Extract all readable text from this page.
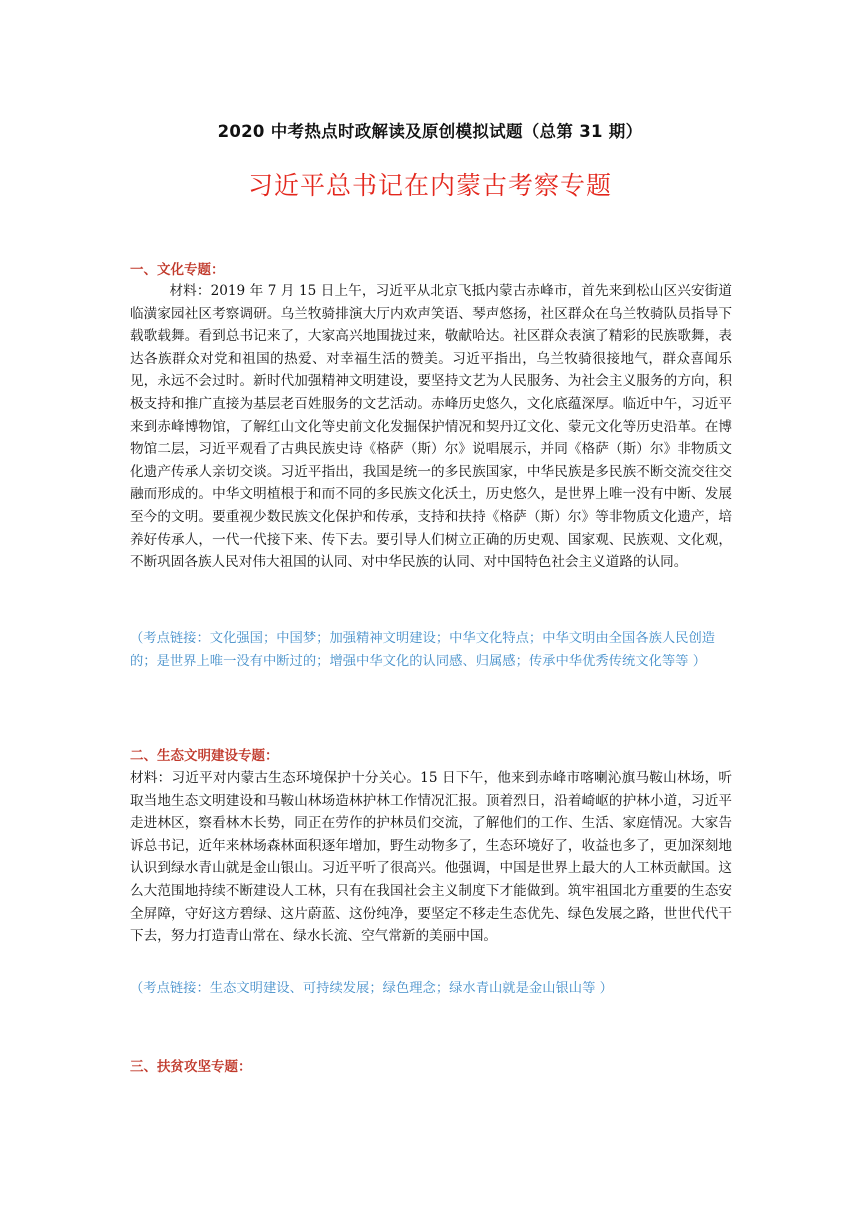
2020 中考热点时政解读及原创模拟试题（总第 31 期）
习近平总书记在内蒙古考察专题
一、文化专题：

材料：2019 年 7 月 15 日上午，习近平从北京飞抵内蒙古赤峰市，首先来到松山区兴安街道临潢家园社区考察调研。乌兰牧骑排演大厅内欢声笑语、琴声悠扬，社区群众在乌兰牧骑队员指导下载歌载舞。看到总书记来了，大家高兴地围拢过来，敬献哈达。社区群众表演了精彩的民族歌舞，表达各族群众对党和祖国的热爱、对幸福生活的赞美。习近平指出，乌兰牧骑很接地气，群众喜闻乐见，永远不会过时。新时代加强精神文明建设，要坚持文艺为人民服务、为社会主义服务的方向，积极支持和推广直接为基层老百姓服务的文艺活动。赤峰历史悠久，文化底蕴深厚。临近中午，习近平来到赤峰博物馆，了解红山文化等史前文化发掘保护情况和契丹辽文化、蒙元文化等历史沿革。在博物馆二层，习近平观看了古典民族史诗《格萨（斯）尔》说唱展示，并同《格萨（斯）尔》非物质文化遗产传承人亲切交谈。习近平指出，我国是统一的多民族国家，中华民族是多民族不断交流交往交融而形成的。中华文明植根于和而不同的多民族文化沃土，历史悠久，是世界上唯一没有中断、发展至今的文明。要重视少数民族文化保护和传承，支持和扶持《格萨（斯）尔》等非物质文化遗产，培养好传承人，一代一代接下来、传下去。要引导人们树立正确的历史观、国家观、民族观、文化观，不断巩固各族人民对伟大祖国的认同、对中华民族的认同、对中国特色社会主义道路的认同。

（考点链接：文化强国；中国梦；加强精神文明建设；中华文化特点；中华文明由全国各族人民创造的；是世界上唯一没有中断过的；增强中华文化的认同感、归属感；传承中华优秀传统文化等等 ）

二、生态文明建设专题：

材料：习近平对内蒙古生态环境保护十分关心。15 日下午，他来到赤峰市喀喇沁旗马鞍山林场，听取当地生态文明建设和马鞍山林场造林护林工作情况汇报。顶着烈日，沿着崎岖的护林小道，习近平走进林区，察看林木长势，同正在劳作的护林员们交流，了解他们的工作、生活、家庭情况。大家告诉总书记，近年来林场森林面积逐年增加，野生动物多了，生态环境好了，收益也多了，更加深刻地认识到绿水青山就是金山银山。习近平听了很高兴。他强调，中国是世界上最大的人工林贡献国。这么大范围地持续不断建设人工林，只有在我国社会主义制度下才能做到。筑牢祖国北方重要的生态安全屏障，守好这方碧绿、这片蔚蓝、这份纯净，要坚定不移走生态优先、绿色发展之路，世世代代干下去，努力打造青山常在、绿水长流、空气常新的美丽中国。

（考点链接：生态文明建设、可持续发展；绿色理念；绿水青山就是金山银山等 ）

三、扶贫攻坚专题：
